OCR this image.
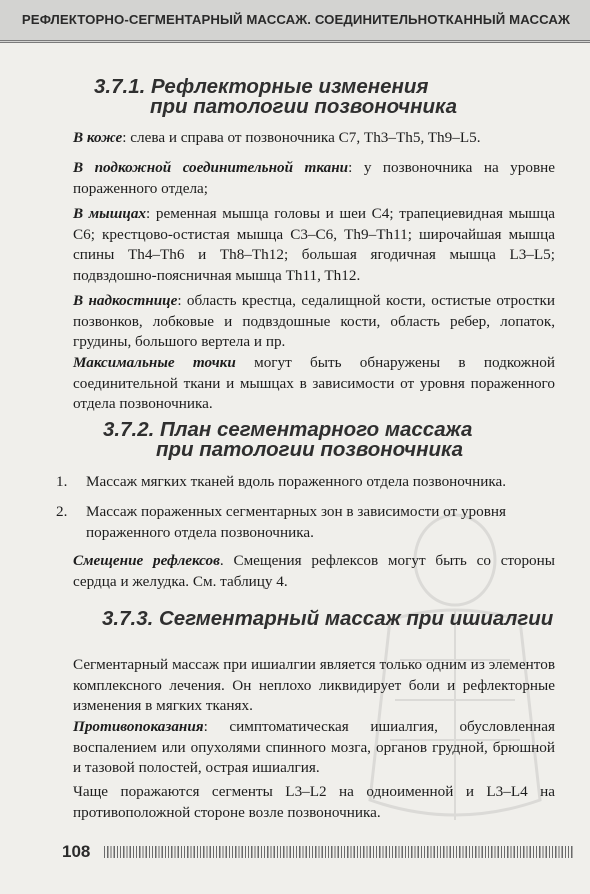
РЕФЛЕКТОРНО-СЕГМЕНТАРНЫЙ МАССАЖ. СОЕДИНИТЕЛЬНОТКАННЫЙ МАССАЖ
3.7.1. Рефлекторные изменения
при патологии позвоночника
В коже: слева и справа от позвоночника С7, Th3–Th5, Th9–L5.
В подкожной соединительной ткани: у позвоночника на уровне пораженного отдела;
В мышцах: ременная мышца головы и шеи С4; трапециевидная мышца С6; крестцово-остистая мышца С3–С6, Th9–Th11; широчайшая мышца спины Th4–Th6 и Th8–Th12; большая ягодичная мышца L3–L5; подвздошно-поясничная мышца Th11, Th12.
В надкостнице: область крестца, седалищной кости, остистые отростки позвонков, лобковые и подвздошные кости, область ребер, лопаток, грудины, большого вертела и пр.
Максимальные точки могут быть обнаружены в подкожной соединительной ткани и мышцах в зависимости от уровня пораженного отдела позвоночника.
3.7.2. План сегментарного массажа
при патологии позвоночника
1. Массаж мягких тканей вдоль пораженного отдела позвоночника.
2. Массаж пораженных сегментарных зон в зависимости от уровня пораженного отдела позвоночника.
Смещение рефлексов. Смещения рефлексов могут быть со стороны сердца и желудка. См. таблицу 4.
3.7.3. Сегментарный массаж при ишиалгии
Сегментарный массаж при ишиалгии является только одним из элементов комплексного лечения. Он неплохо ликвидирует боли и рефлекторные изменения в мягких тканях.
Противопоказания: симптоматическая ишиалгия, обусловленная воспалением или опухолями спинного мозга, органов грудной, брюшной и тазовой полостей, острая ишиалгия.
Чаще поражаются сегменты L3–L2 на одноименной и L3–L4 на противоположной стороне возле позвоночника.
108
